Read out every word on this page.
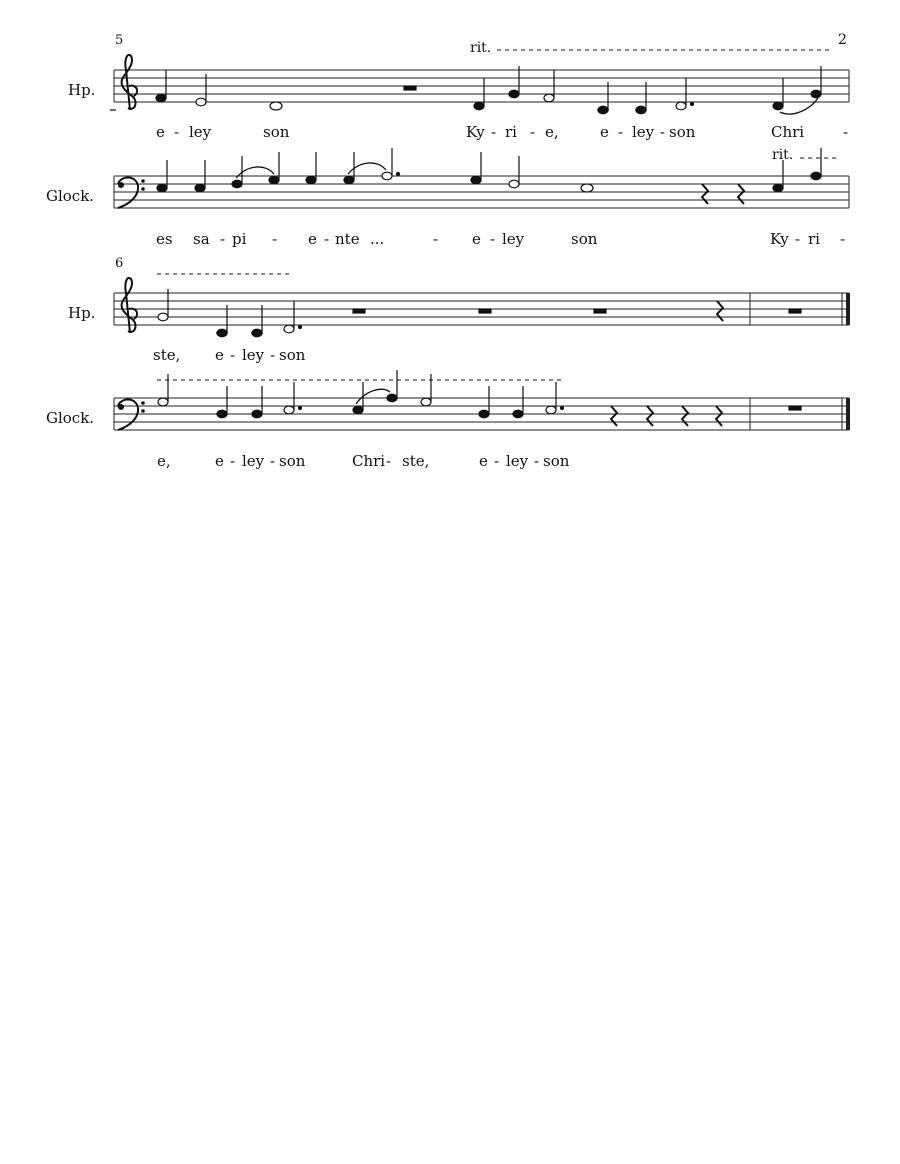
2
5
6
rit.
Hp.
Glock.
e - ley	son	Ky - ri - e,	e - ley - son	Chri	-
rit.
es sa - pi - e - nte ...	- e - ley	son	Ky - ri -
Hp.
Glock.
ste, e - ley - son
e,	e - ley - son	Chri - ste,	e - ley - son
